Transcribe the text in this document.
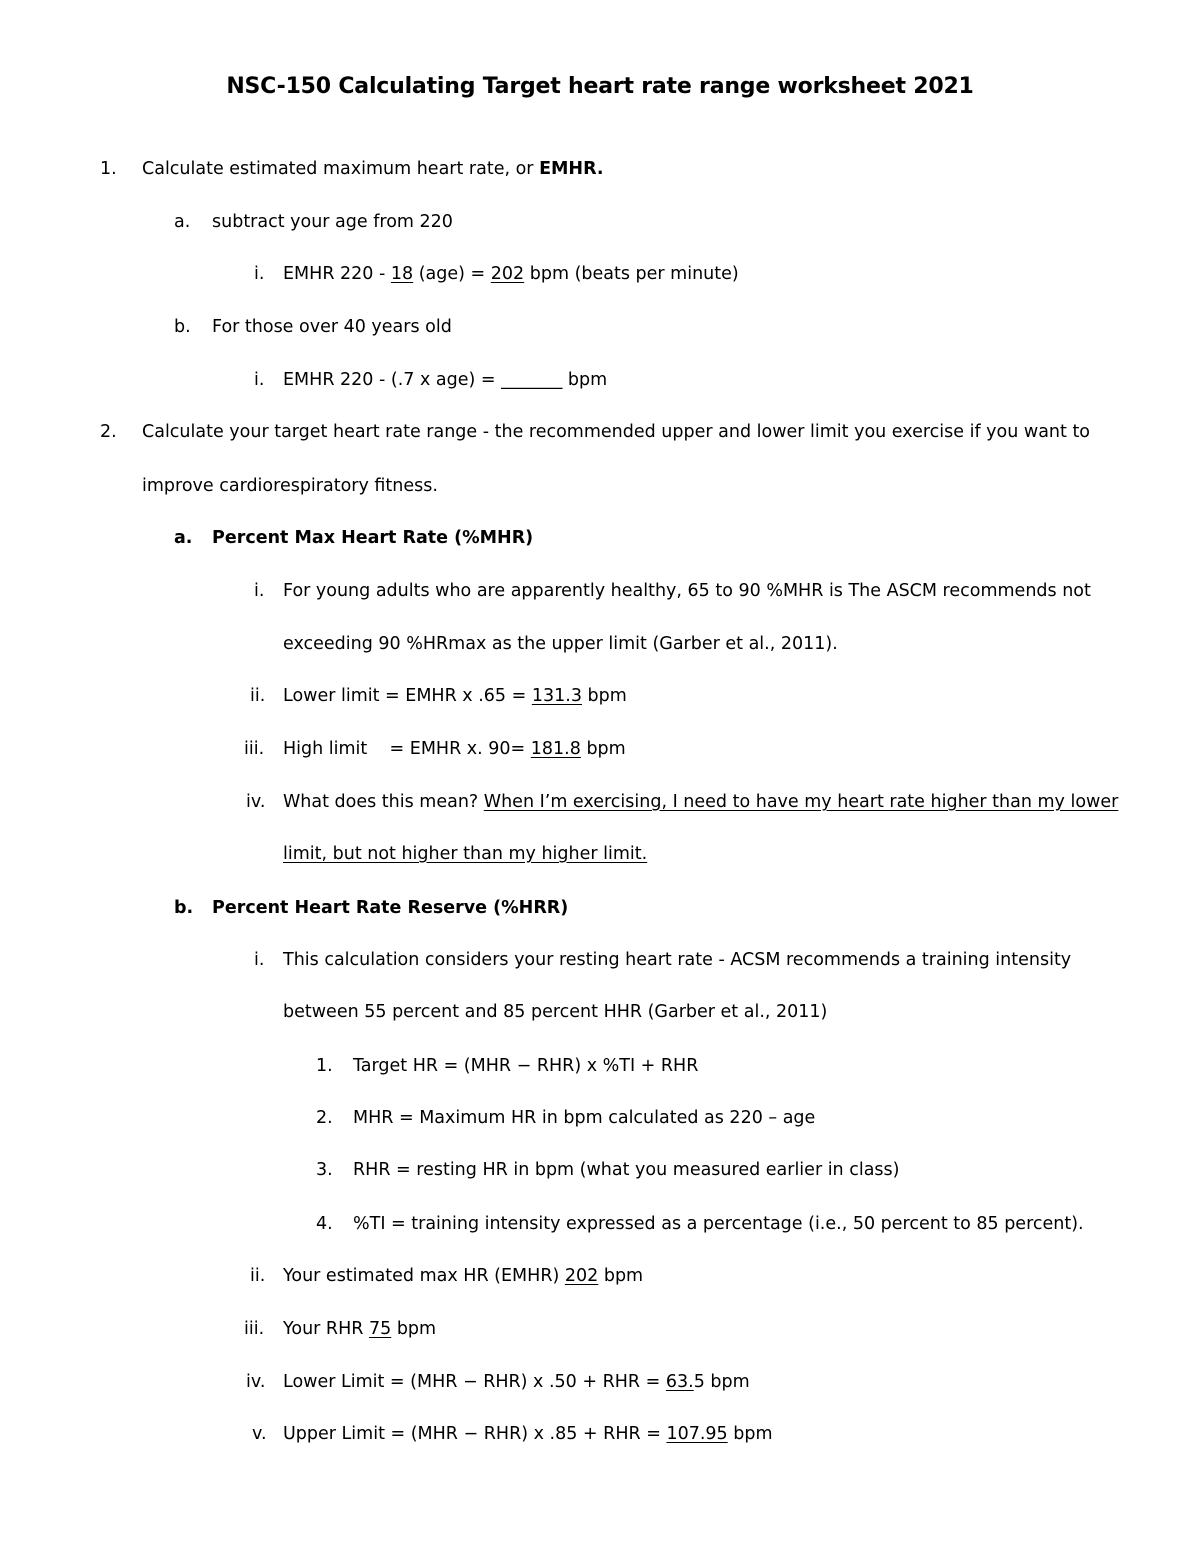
NSC-150 Calculating Target heart rate range worksheet 2021
1.	Calculate estimated maximum heart rate, or EMHR.
a. subtract your age from 220
i. EMHR 220 - 18 (age) = 202 bpm (beats per minute)
b. For those over 40 years old
i. EMHR 220 - (.7 x age) = _______ bpm
2. Calculate your target heart rate range - the recommended upper and lower limit you exercise if you want to
improve cardiorespiratory fitness.
a. Percent Max Heart Rate (%MHR)
i. For young adults who are apparently healthy, 65 to 90 %MHR is The ASCM recommends not
exceeding 90 %HRmax as the upper limit (Garber et al., 2011).
ii. Lower limit = EMHR x .65 = 131.3 bpm
iii. High limit    = EMHR x. 90= 181.8 bpm
iv. What does this mean? When I’m exercising, I need to have my heart rate higher than my lower
limit, but not higher than my higher limit.
b. Percent Heart Rate Reserve (%HRR)
i. This calculation considers your resting heart rate - ACSM recommends a training intensity
between 55 percent and 85 percent HHR (Garber et al., 2011)
1. Target HR = (MHR − RHR) x %TI + RHR
2. MHR = Maximum HR in bpm calculated as 220 – age
3. RHR = resting HR in bpm (what you measured earlier in class)
4. %TI = training intensity expressed as a percentage (i.e., 50 percent to 85 percent).
ii. Your estimated max HR (EMHR) 202 bpm
iii. Your RHR 75 bpm
iv. Lower Limit = (MHR − RHR) x .50 + RHR = 63.5 bpm
v. Upper Limit = (MHR − RHR) x .85 + RHR = 107.95 bpm
